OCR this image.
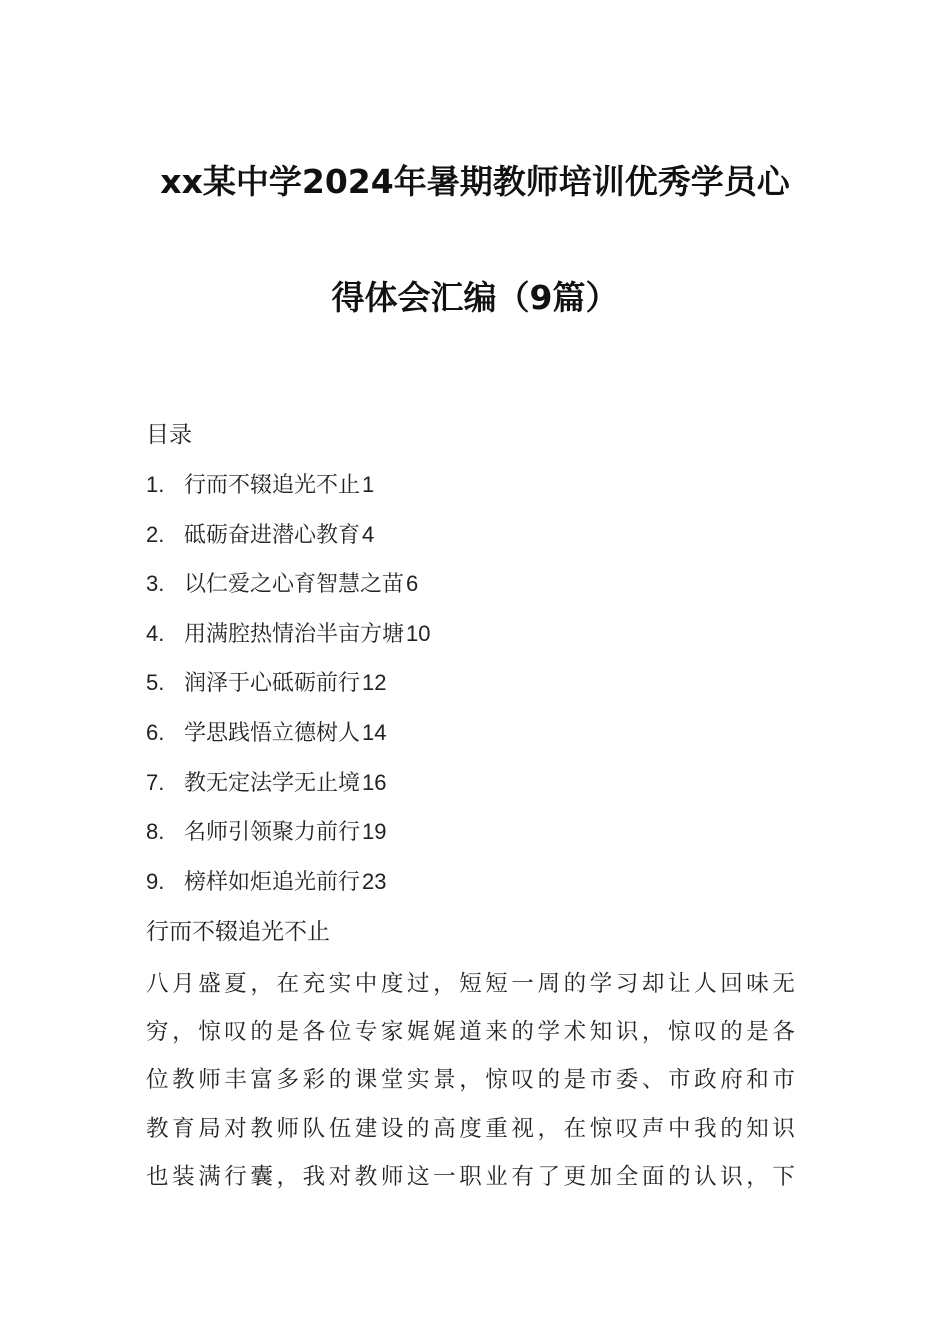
xx某中学2024年暑期教师培训优秀学员心
得体会汇编（9篇）
目录
1. 行而不辍追光不止1
2. 砥砺奋进潜心教育4
3. 以仁爱之心育智慧之苗6
4. 用满腔热情治半亩方塘10
5. 润泽于心砥砺前行12
6. 学思践悟立德树人14
7. 教无定法学无止境16
8. 名师引领聚力前行19
9. 榜样如炬追光前行23
行而不辍追光不止
八月盛夏，在充实中度过，短短一周的学习却让人回味无
穷，惊叹的是各位专家娓娓道来的学术知识，惊叹的是各
位教师丰富多彩的课堂实景，惊叹的是市委、市政府和市
教育局对教师队伍建设的高度重视，在惊叹声中我的知识
也装满行囊，我对教师这一职业有了更加全面的认识，下
